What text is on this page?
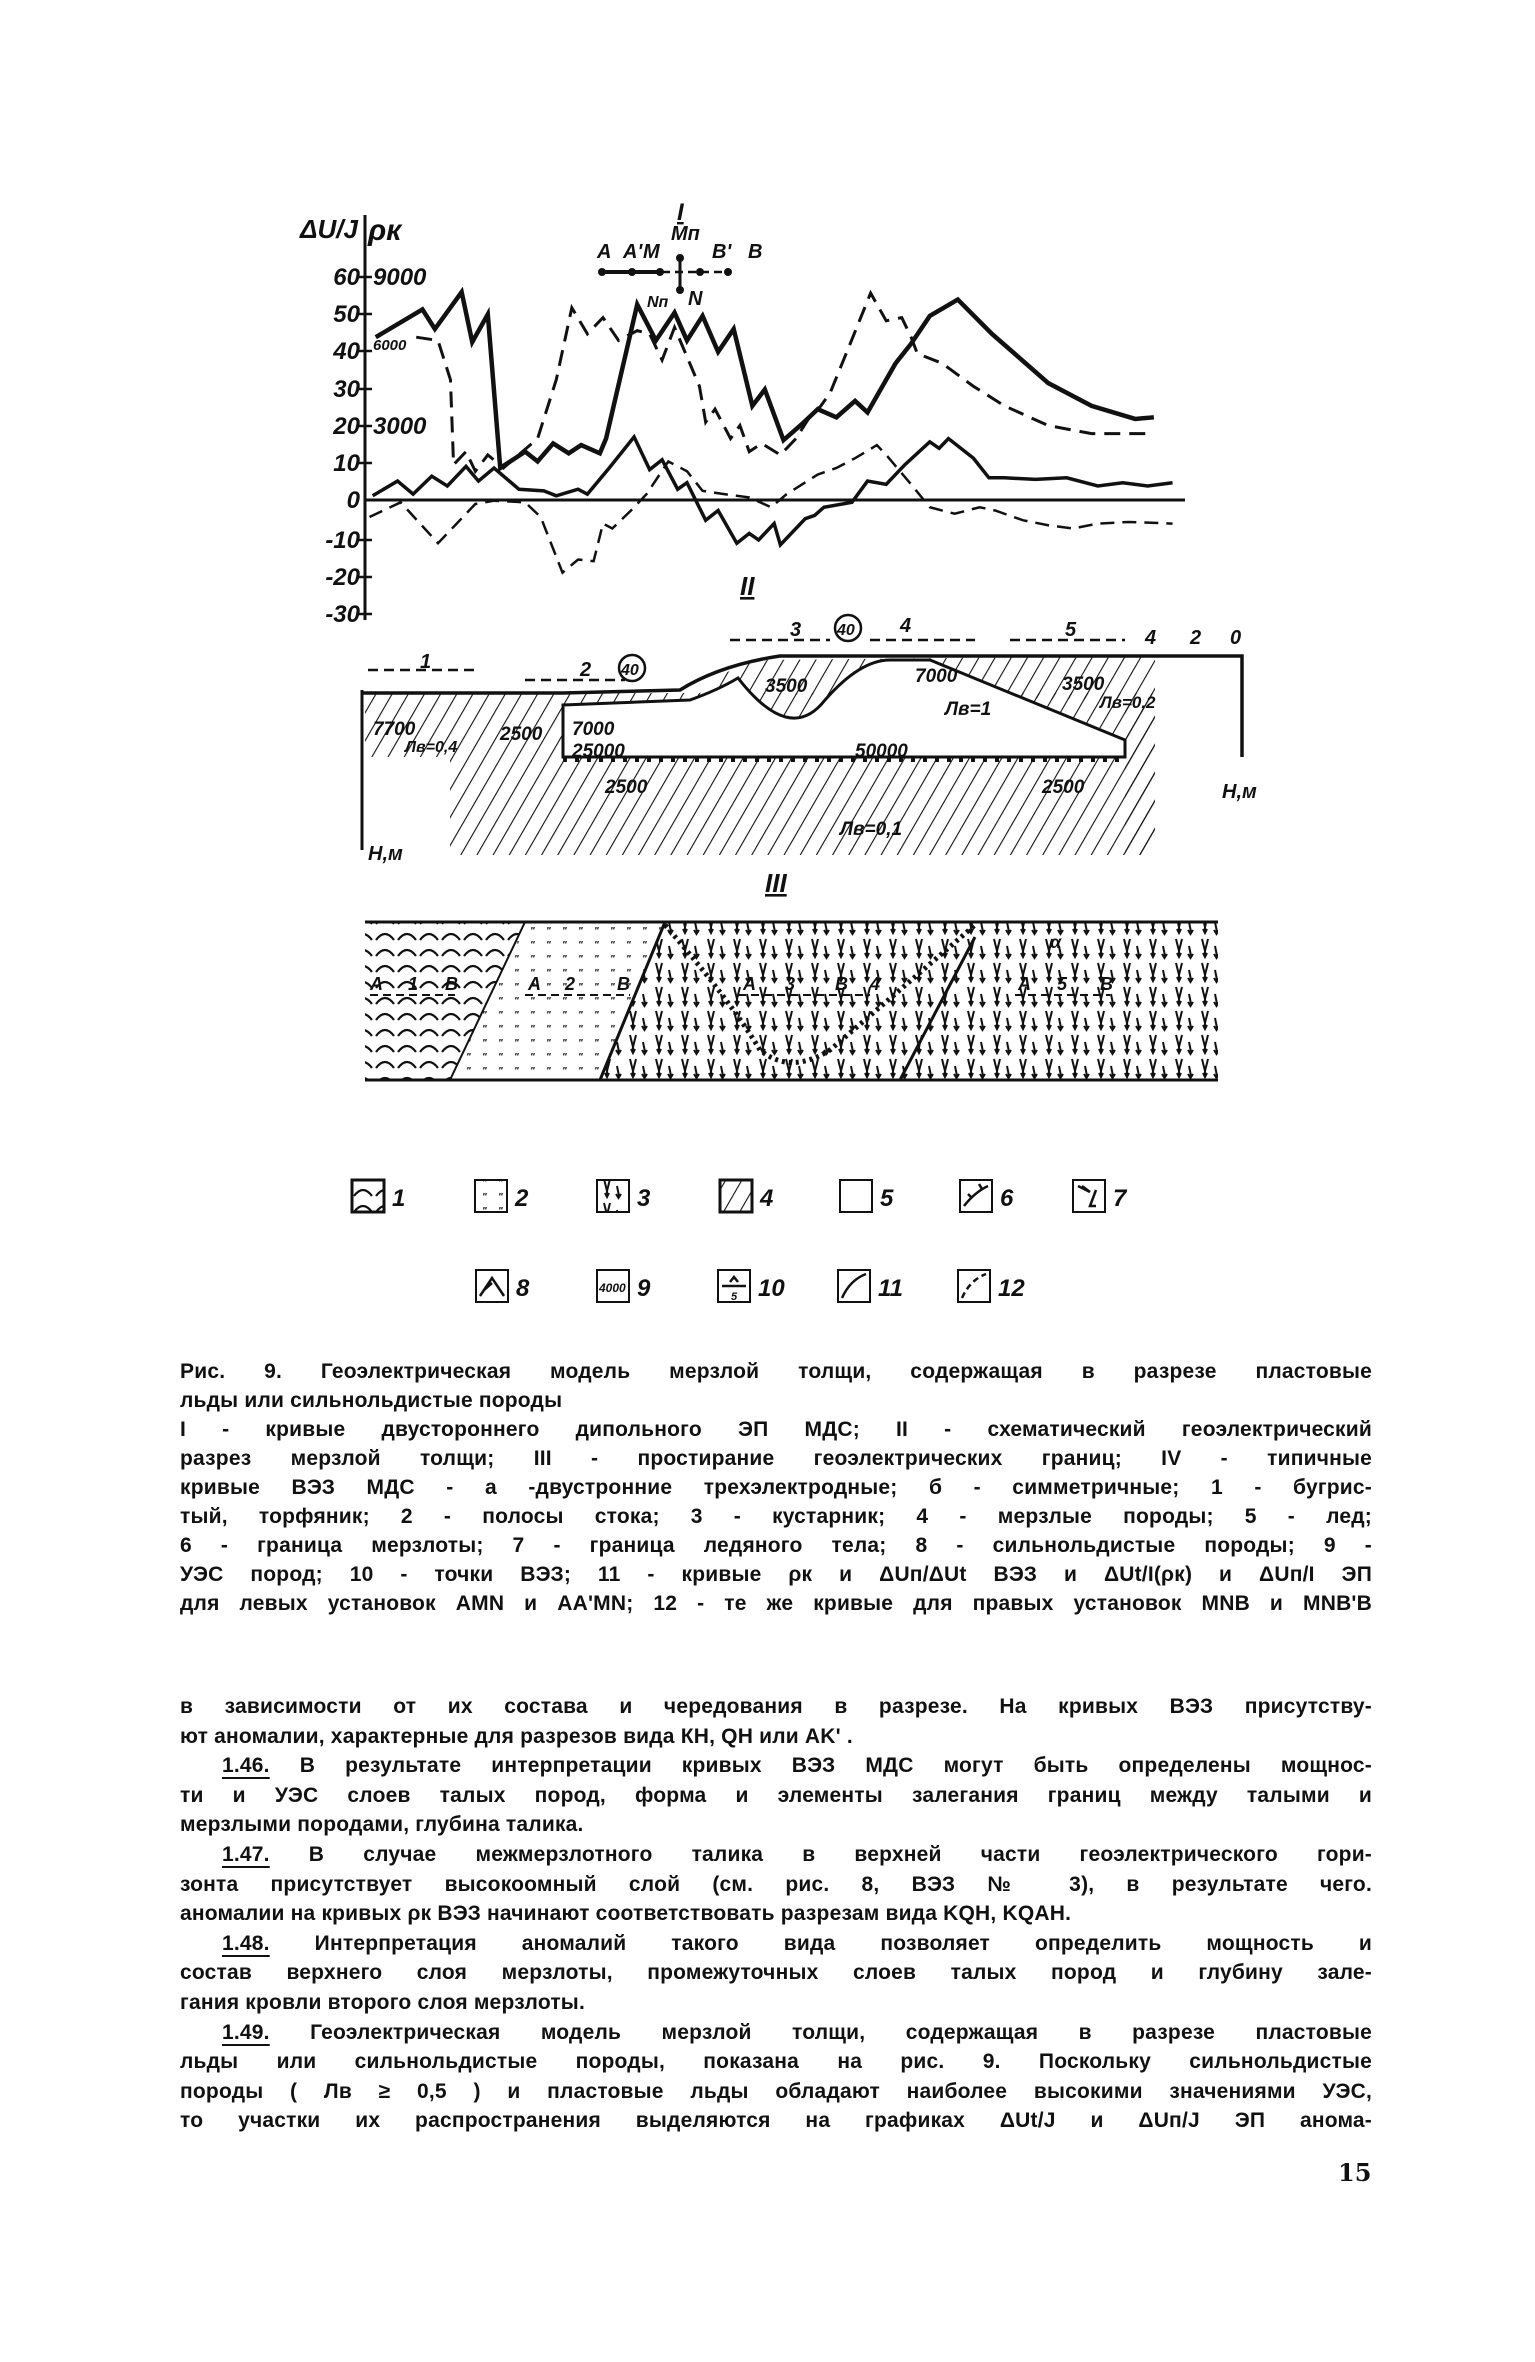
ΔU/J ρк
60
50
40
30
20
10
0
-10
-20
-30
9000
6000
3000
A A' M
Mп
B' B
Nп N
I
II
7700
Лв=0,4
2500 7000
25000
3500	7000
Лв=1
50000
3500
Лв=0,2
2500	2500
Лв=0,1
1	2
3	4	5	4 2 0
40
40
Н,м
Н,м
III
A 1 B	A 2 B	A 3 B 4	A 5 B
α
4000
5
1	2	3	4	5	6	7
8	9	10	11	12
Рис. 9. Геоэлектрическая модель мерзлой толщи, содержащая в разрезе пластовые
льды или сильнольдистые породы
I - кривые двустороннего дипольного ЭП МДС; II - схематический геоэлектрический
разрез мерзлой толщи; III - простирание геоэлектрических границ; IV - типичные
кривые ВЭЗ МДС - а -двустронние трехэлектродные; б - симметричные; 1 - бугрис-
тый, торфяник; 2 - полосы стока; 3 - кустарник; 4 - мерзлые породы; 5 - лед;
6 - граница мерзлоты; 7 - граница ледяного тела; 8 - сильнольдистые породы; 9 -
УЭС пород; 10 - точки ВЭЗ; 11 - кривые ρк и ΔUп/ΔUt ВЭЗ и ΔUt/I(ρк) и ΔUп/I ЭП
для левых установок AMN и AA'MN; 12 - те же кривые для правых установок MNB и MNB'B
в зависимости от их состава и чередования в разрезе. На кривых ВЭЗ присутству-
ют аномалии, характерные для разрезов вида КН, QH или AK' .
1.46. В результате интерпретации кривых ВЭЗ МДС могут быть определены мощнос-
ти и УЭС слоев талых пород, форма и элементы залегания границ между талыми и
мерзлыми породами, глубина талика.
1.47. В случае межмерзлотного талика в верхней части геоэлектрического гори-
зонта присутствует высокоомный слой (см. рис. 8, ВЭЗ № 3), в результате чего.
аномалии на кривых ρк ВЭЗ начинают соответствовать разрезам вида KQH, KQAH.
1.48. Интерпретация аномалий такого вида позволяет определить мощность и
состав верхнего слоя мерзлоты, промежуточных слоев талых пород и глубину зале-
гания кровли второго слоя мерзлоты.
1.49. Геоэлектрическая модель мерзлой толщи, содержащая в разрезе пластовые
льды или сильнольдистые породы, показана на рис. 9. Поскольку сильнольдистые
породы ( Лв ≥ 0,5 ) и пластовые льды обладают наиболее высокими значениями УЭС,
то участки их распространения выделяются на графиках ΔUt/J и ΔUп/J ЭП анома-
15
